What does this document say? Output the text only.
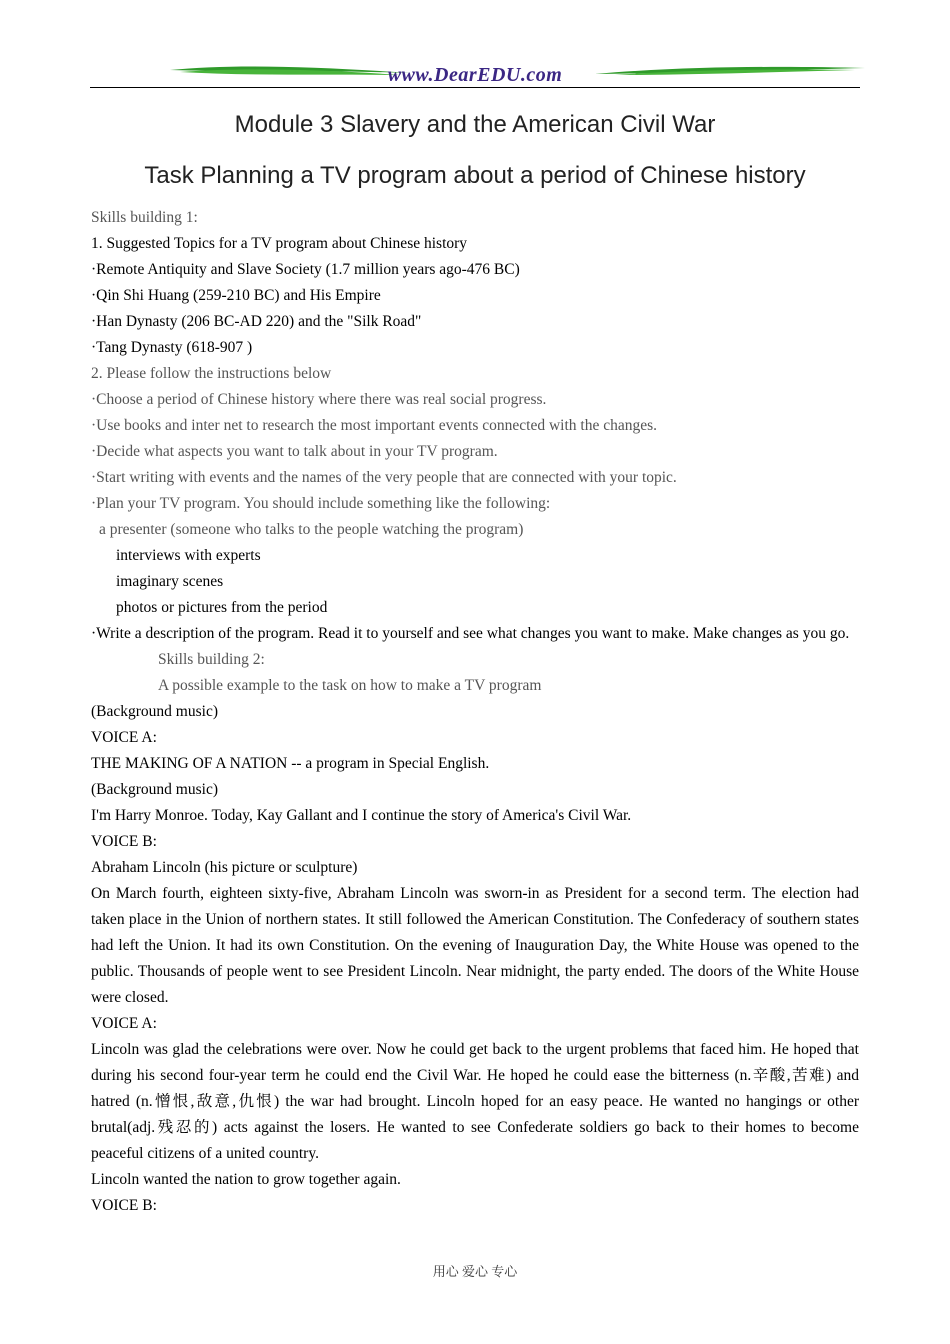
www.DearEDU.com
Module 3 Slavery and the American Civil War
Task Planning a TV program about a period of Chinese history
Skills building 1:
1. Suggested Topics for a TV program about Chinese history
·Remote Antiquity and Slave Society (1.7 million years ago-476 BC)
·Qin Shi Huang (259-210 BC) and His Empire
·Han Dynasty (206 BC-AD 220) and the "Silk Road"
·Tang Dynasty (618-907 )
2. Please follow the instructions below
·Choose a period of Chinese history where there was real social progress.
·Use books and inter net to research the most important events connected with the changes.
·Decide what aspects you want to talk about in your TV program.
·Start writing with events and the names of the very people that are connected with your topic.
·Plan your TV program. You should include something like the following:
a presenter (someone who talks to the people watching the program)
interviews with experts
imaginary scenes
photos or pictures from the period
·Write a description of the program. Read it to yourself and see what changes you want to make. Make changes as you go.
Skills building 2:
A possible example to the task on how to make a TV program
(Background music)
VOICE A:
THE MAKING OF A NATION -- a program in Special English.
(Background music)
I'm Harry Monroe. Today, Kay Gallant and I continue the story of America's Civil War.
VOICE B:
Abraham Lincoln (his picture or sculpture)
On March fourth, eighteen sixty-five, Abraham Lincoln was sworn-in as President for a second term. The election had taken place in the Union of northern states. It still followed the American Constitution. The Confederacy of southern states had left the Union. It had its own Constitution. On the evening of Inauguration Day, the White House was opened to the public. Thousands of people went to see President Lincoln. Near midnight, the party ended. The doors of the White House were closed.
VOICE A:
Lincoln was glad the celebrations were over. Now he could get back to the urgent problems that faced him. He hoped that during his second four-year term he could end the Civil War. He hoped he could ease the bitterness (n.辛酸,苦难) and hatred (n.憎恨,敌意,仇恨) the war had brought. Lincoln hoped for an easy peace. He wanted no hangings or other brutal(adj.残忍的) acts against the losers. He wanted to see Confederate soldiers go back to their homes to become peaceful citizens of a united country.
Lincoln wanted the nation to grow together again.
VOICE B:
用心 爱心 专心
